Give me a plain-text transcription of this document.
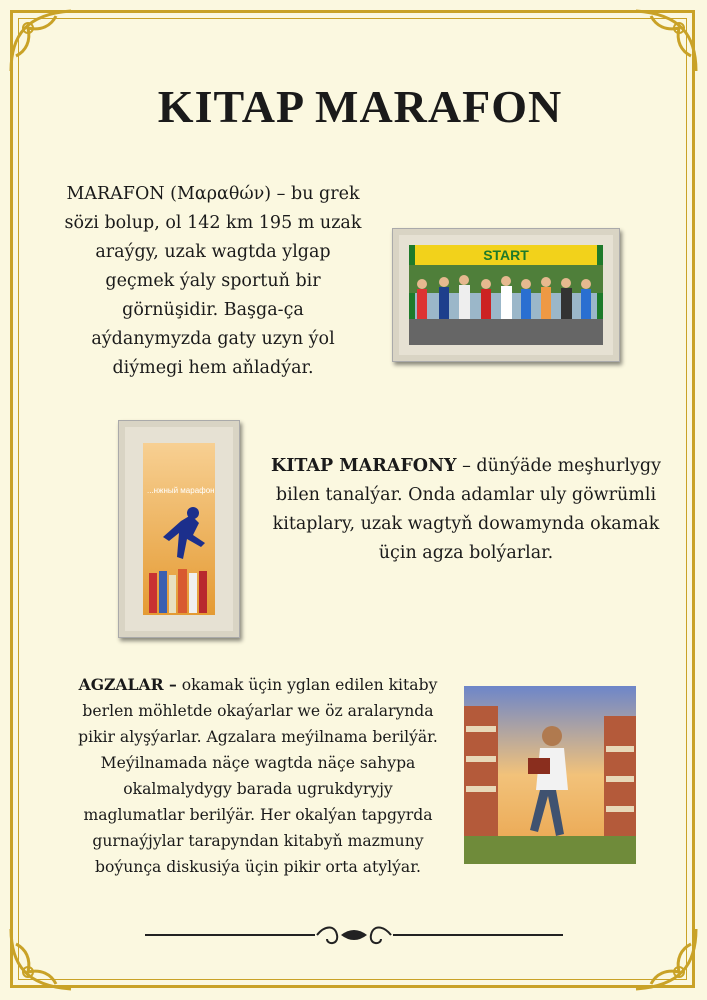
KITAP MARAFON

MARAFON (Μαραθών) – bu grek sözi bolup, ol 142 km 195 m uzak araýgy, uzak wagtda ylgap geçmek ýaly sportuň bir görnüşidir. Başga-ça aýdanymyzda gaty uzyn ýol diýmegi hem aňladýar.

START
...нжный марафон

KITAP MARAFONY – dünýäde meşhurlygy bilen tanalýar. Onda adamlar uly göwrümli kitaplary, uzak wagtyň dowamynda okamak üçin agza bolýarlar.

AGZALAR – okamak üçin yglan edilen kitaby berlen möhletde okaýarlar we öz aralarynda pikir alyşýarlar. Agzalara meýilnama berilýär. Meýilnamada näçe wagtda näçe sahypa okalmalydygy barada ugrukdyryjy maglumatlar berilýär. Her okalýan tapgyrda gurnaýjylar tarapyndan kitabyň mazmuny boýunça diskusiýa üçin pikir orta atylýar.
